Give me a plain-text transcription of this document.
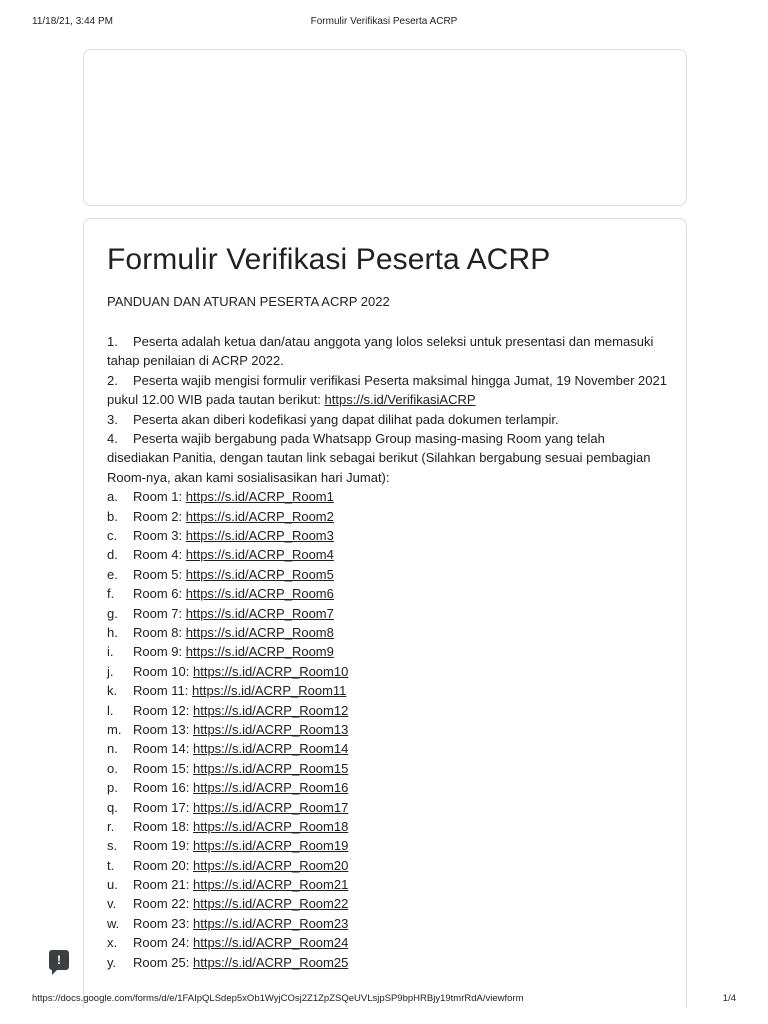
11/18/21, 3:44 PM	Formulir Verifikasi Peserta ACRP
Formulir Verifikasi Peserta ACRP
PANDUAN DAN ATURAN PESERTA ACRP 2022
1. Peserta adalah ketua dan/atau anggota yang lolos seleksi untuk presentasi dan memasuki tahap penilaian di ACRP 2022.
2. Peserta wajib mengisi formulir verifikasi Peserta maksimal hingga Jumat, 19 November 2021 pukul 12.00 WIB pada tautan berikut: https://s.id/VerifikasiACRP
3. Peserta akan diberi kodefikasi yang dapat dilihat pada dokumen terlampir.
4. Peserta wajib bergabung pada Whatsapp Group masing-masing Room yang telah disediakan Panitia, dengan tautan link sebagai berikut (Silahkan bergabung sesuai pembagian Room-nya, akan kami sosialisasikan hari Jumat):
a. Room 1: https://s.id/ACRP_Room1
b. Room 2: https://s.id/ACRP_Room2
c. Room 3: https://s.id/ACRP_Room3
d. Room 4: https://s.id/ACRP_Room4
e. Room 5: https://s.id/ACRP_Room5
f. Room 6: https://s.id/ACRP_Room6
g. Room 7: https://s.id/ACRP_Room7
h. Room 8: https://s.id/ACRP_Room8
i. Room 9: https://s.id/ACRP_Room9
j. Room 10: https://s.id/ACRP_Room10
k. Room 11: https://s.id/ACRP_Room11
l. Room 12: https://s.id/ACRP_Room12
m. Room 13: https://s.id/ACRP_Room13
n. Room 14: https://s.id/ACRP_Room14
o. Room 15: https://s.id/ACRP_Room15
p. Room 16: https://s.id/ACRP_Room16
q. Room 17: https://s.id/ACRP_Room17
r. Room 18: https://s.id/ACRP_Room18
s. Room 19: https://s.id/ACRP_Room19
t. Room 20: https://s.id/ACRP_Room20
u. Room 21: https://s.id/ACRP_Room21
v. Room 22: https://s.id/ACRP_Room22
w. Room 23: https://s.id/ACRP_Room23
x. Room 24: https://s.id/ACRP_Room24
y. Room 25: https://s.id/ACRP_Room25
!
https://docs.google.com/forms/d/e/1FAIpQLSdep5xOb1WyjCOsj2Z1ZpZSQeUVLsjpSP9bpHRBjy19tmrRdA/viewform	1/4
